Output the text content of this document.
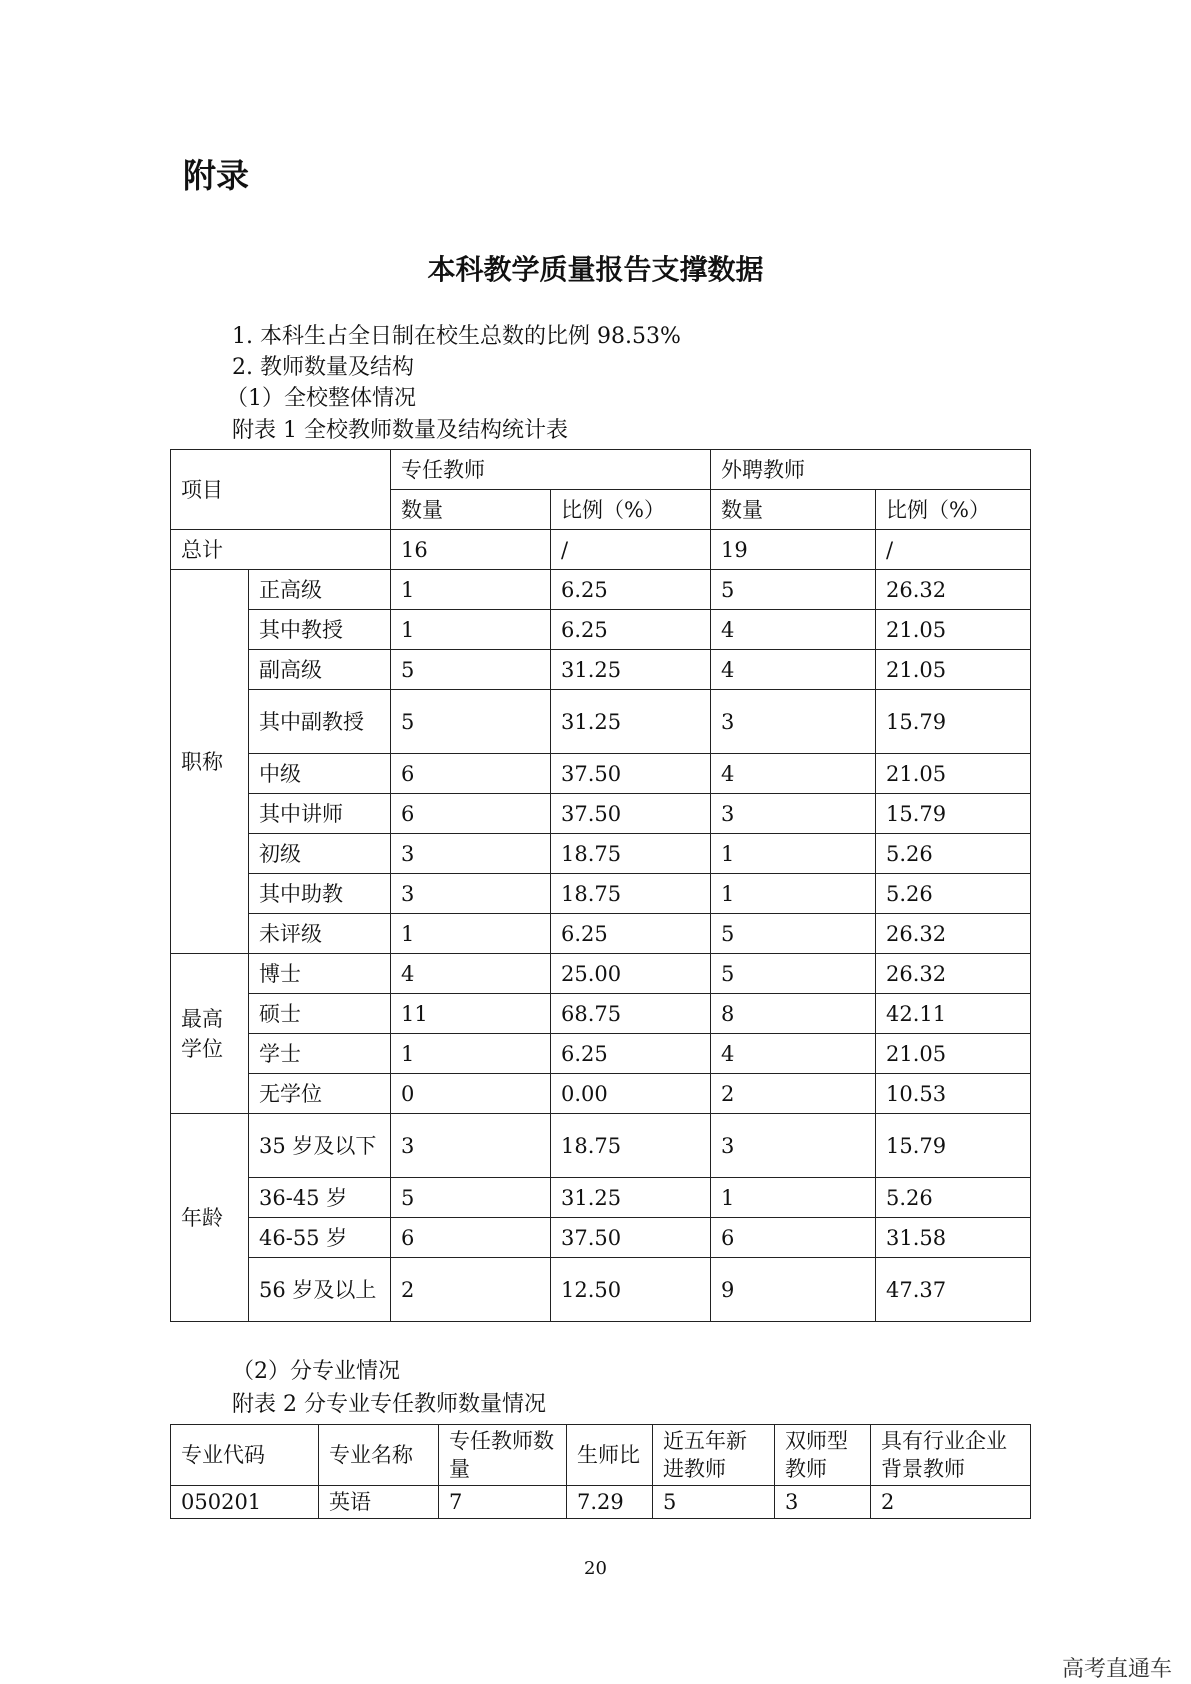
附录
本科教学质量报告支撑数据
1. 本科生占全日制在校生总数的比例 98.53%
2. 教师数量及结构
（1）全校整体情况
附表 1 全校教师数量及结构统计表
项目		专任教师		外聘教师	
		数量	比例（%）	数量	比例（%）
总计		16	/	19	/
职称	正高级	1	6.25	5	26.32
	其中教授	1	6.25	4	21.05
	副高级	5	31.25	4	21.05
	其中副教授	5	31.25	3	15.79
	中级	6	37.50	4	21.05
	其中讲师	6	37.50	3	15.79
	初级	3	18.75	1	5.26
	其中助教	3	18.75	1	5.26
	未评级	1	6.25	5	26.32
最高学位	博士	4	25.00	5	26.32
	硕士	11	68.75	8	42.11
	学士	1	6.25	4	21.05
	无学位	0	0.00	2	10.53
年龄	35 岁及以下	3	18.75	3	15.79
	36-45 岁	5	31.25	1	5.26
	46-55 岁	6	37.50	6	31.58
	56 岁及以上	2	12.50	9	47.37
（2）分专业情况
附表 2 分专业专任教师数量情况
专业代码	专业名称	专任教师数量	生师比	近五年新进教师	双师型教师	具有行业企业背景教师
050201	英语	7	7.29	5	3	2
20
高考直通车
